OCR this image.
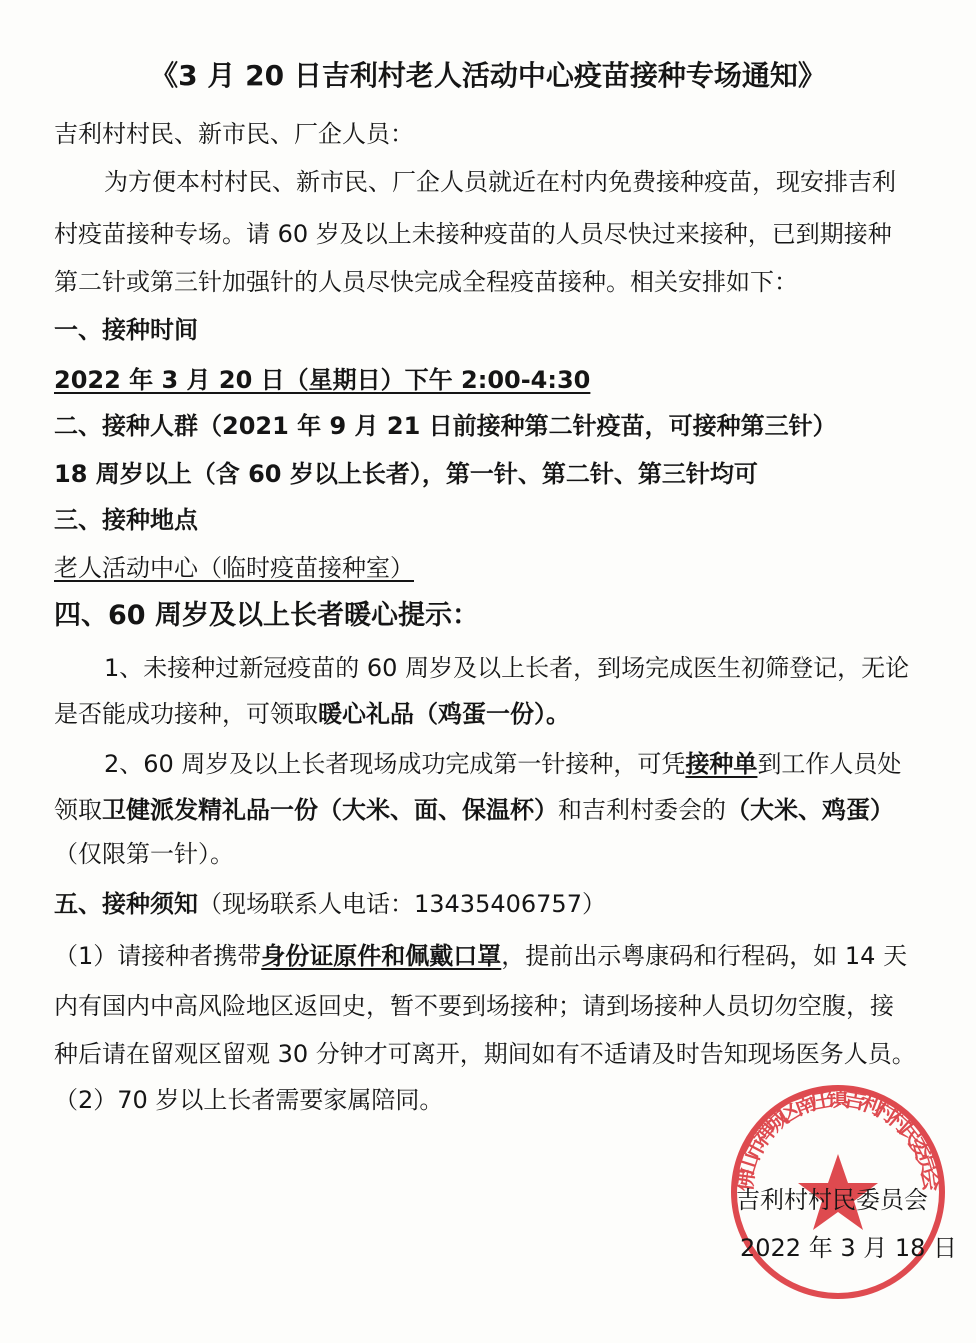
《3 月 20 日吉利村老人活动中心疫苗接种专场通知》
吉利村村民、新市民、厂企人员：
为方便本村村民、新市民、厂企人员就近在村内免费接种疫苗，现安排吉利
村疫苗接种专场。请 60 岁及以上未接种疫苗的人员尽快过来接种，已到期接种
第二针或第三针加强针的人员尽快完成全程疫苗接种。相关安排如下：
一、接种时间
2022 年 3 月 20 日（星期日）下午 2:00-4:30
二、接种人群（2021 年 9 月 21 日前接种第二针疫苗，可接种第三针）
18 周岁以上（含 60 岁以上长者），第一针、第二针、第三针均可
三、接种地点
老人活动中心（临时疫苗接种室）
四、60 周岁及以上长者暖心提示：
1、未接种过新冠疫苗的 60 周岁及以上长者，到场完成医生初筛登记，无论
是否能成功接种，可领取暖心礼品（鸡蛋一份）。
2、60 周岁及以上长者现场成功完成第一针接种，可凭接种单到工作人员处
领取卫健派发精礼品一份（大米、面、保温杯）和吉利村委会的（大米、鸡蛋）
（仅限第一针）。
五、接种须知（现场联系人电话：13435406757）
（1）请接种者携带身份证原件和佩戴口罩，提前出示粤康码和行程码，如 14 天
内有国内中高风险地区返回史，暂不要到场接种；请到场接种人员切勿空腹，接
种后请在留观区留观 30 分钟才可离开，期间如有不适请及时告知现场医务人员。
（2）70 岁以上长者需要家属陪同。
佛山市禅城区南庄镇吉利村村民委员会
吉利村村民委员会
2022 年 3 月 18 日
